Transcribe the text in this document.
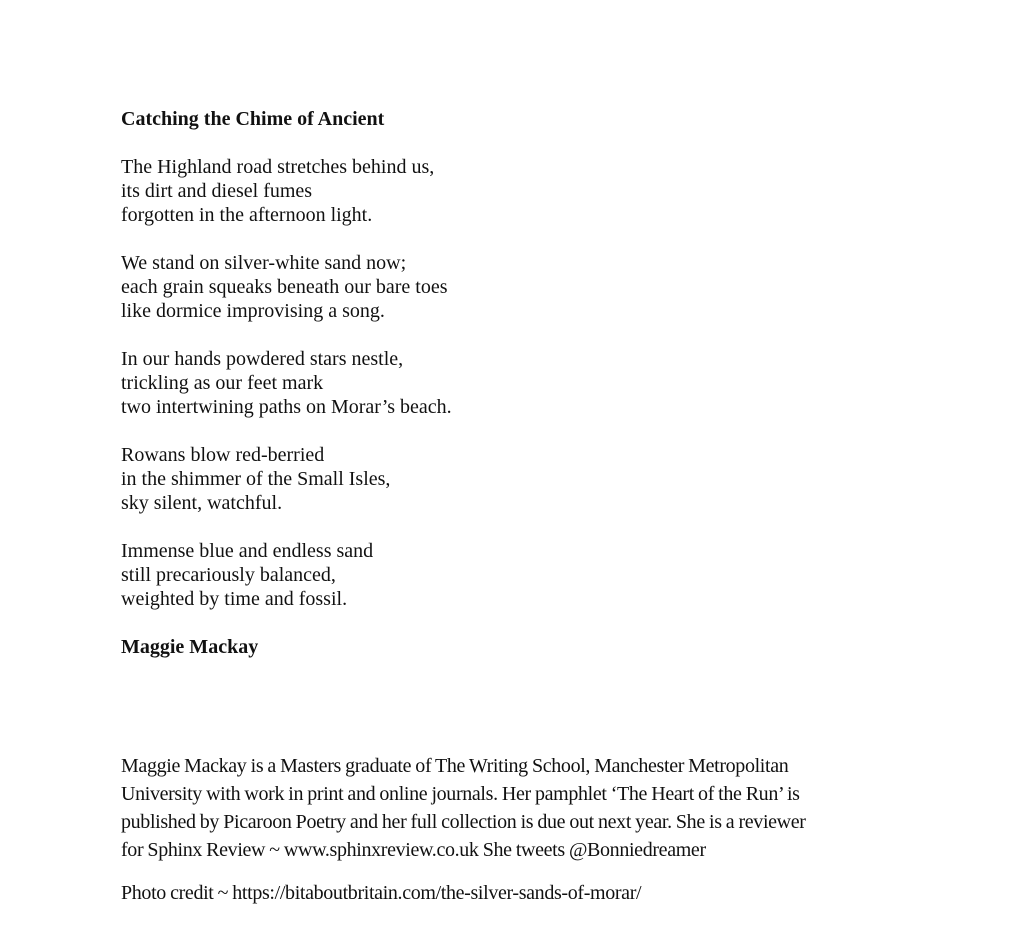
Catching the Chime of Ancient
The Highland road stretches behind us,
its dirt and diesel fumes
forgotten in the afternoon light.
We stand on silver-white sand now;
each grain squeaks beneath our bare toes
like dormice improvising a song.
In our hands powdered stars nestle,
trickling as our feet mark
two intertwining paths on Morar’s beach.
Rowans blow red-berried
in the shimmer of the Small Isles,
sky silent, watchful.
Immense blue and endless sand
still precariously balanced,
weighted by time and fossil.

Maggie Mackay

Maggie Mackay is a Masters graduate of The Writing School, Manchester Metropolitan
University with work in print and online journals. Her pamphlet ‘The Heart of the Run’ is
published by Picaroon Poetry and her full collection is due out next year. She is a reviewer
for Sphinx Review ~ www.sphinxreview.co.uk She tweets @Bonniedreamer

Photo credit ~ https://bitaboutbritain.com/the-silver-sands-of-morar/
